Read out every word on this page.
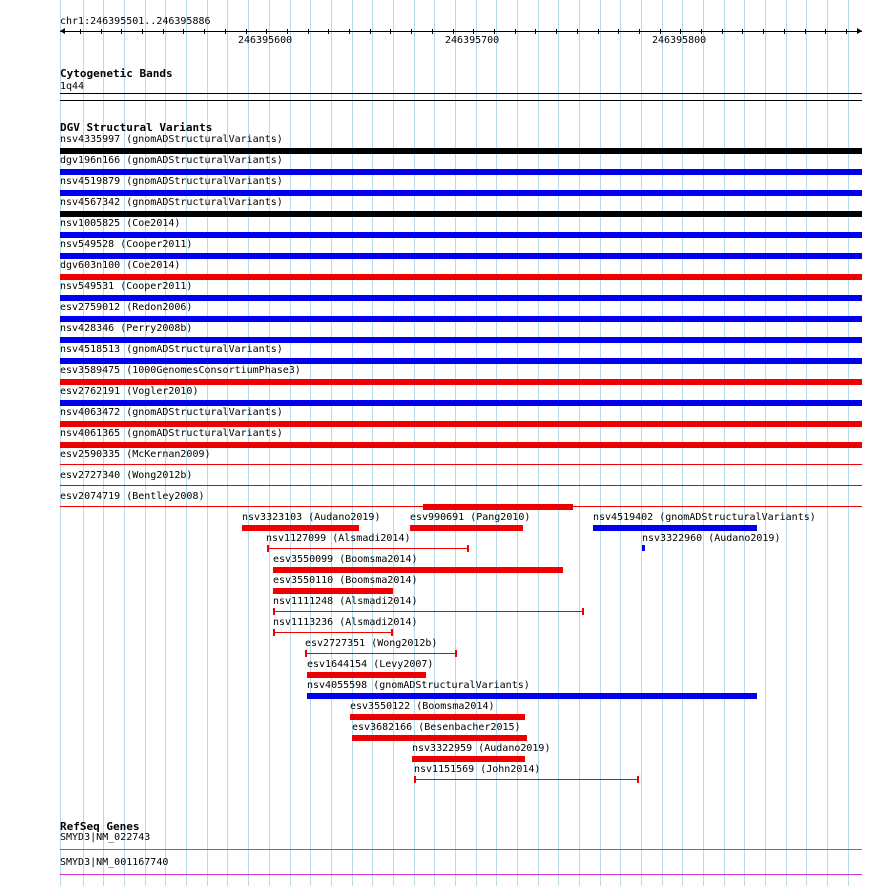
chr1:246395501..246395886
246395600	246395700	246395800
Cytogenetic Bands
1q44
DGV Structural Variants
nsv4335997 (gnomADStructuralVariants)
dgv196n166 (gnomADStructuralVariants)
nsv4519879 (gnomADStructuralVariants)
nsv4567342 (gnomADStructuralVariants)
nsv1005825 (Coe2014)
nsv549528 (Cooper2011)
dgv603n100 (Coe2014)
nsv549531 (Cooper2011)
esv2759012 (Redon2006)
nsv428346 (Perry2008b)
nsv4518513 (gnomADStructuralVariants)
esv3589475 (1000GenomesConsortiumPhase3)
esv2762191 (Vogler2010)
nsv4063472 (gnomADStructuralVariants)
nsv4061365 (gnomADStructuralVariants)
esv2590335 (McKernan2009)
esv2727340 (Wong2012b)
esv2074719 (Bentley2008)
nsv3323103 (Audano2019)	esv990691 (Pang2010)	nsv4519402 (gnomADStructuralVariants)
nsv1127099 (Alsmadi2014)	nsv3322960 (Audano2019)
esv3550099 (Boomsma2014)
esv3550110 (Boomsma2014)
nsv1111248 (Alsmadi2014)
nsv1113236 (Alsmadi2014)
esv2727351 (Wong2012b)
esv1644154 (Levy2007)
nsv4055598 (gnomADStructuralVariants)
esv3550122 (Boomsma2014)
esv3682166 (Besenbacher2015)
nsv3322959 (Audano2019)
nsv1151569 (John2014)
RefSeq Genes
SMYD3|NM_022743
SMYD3|NM_001167740
